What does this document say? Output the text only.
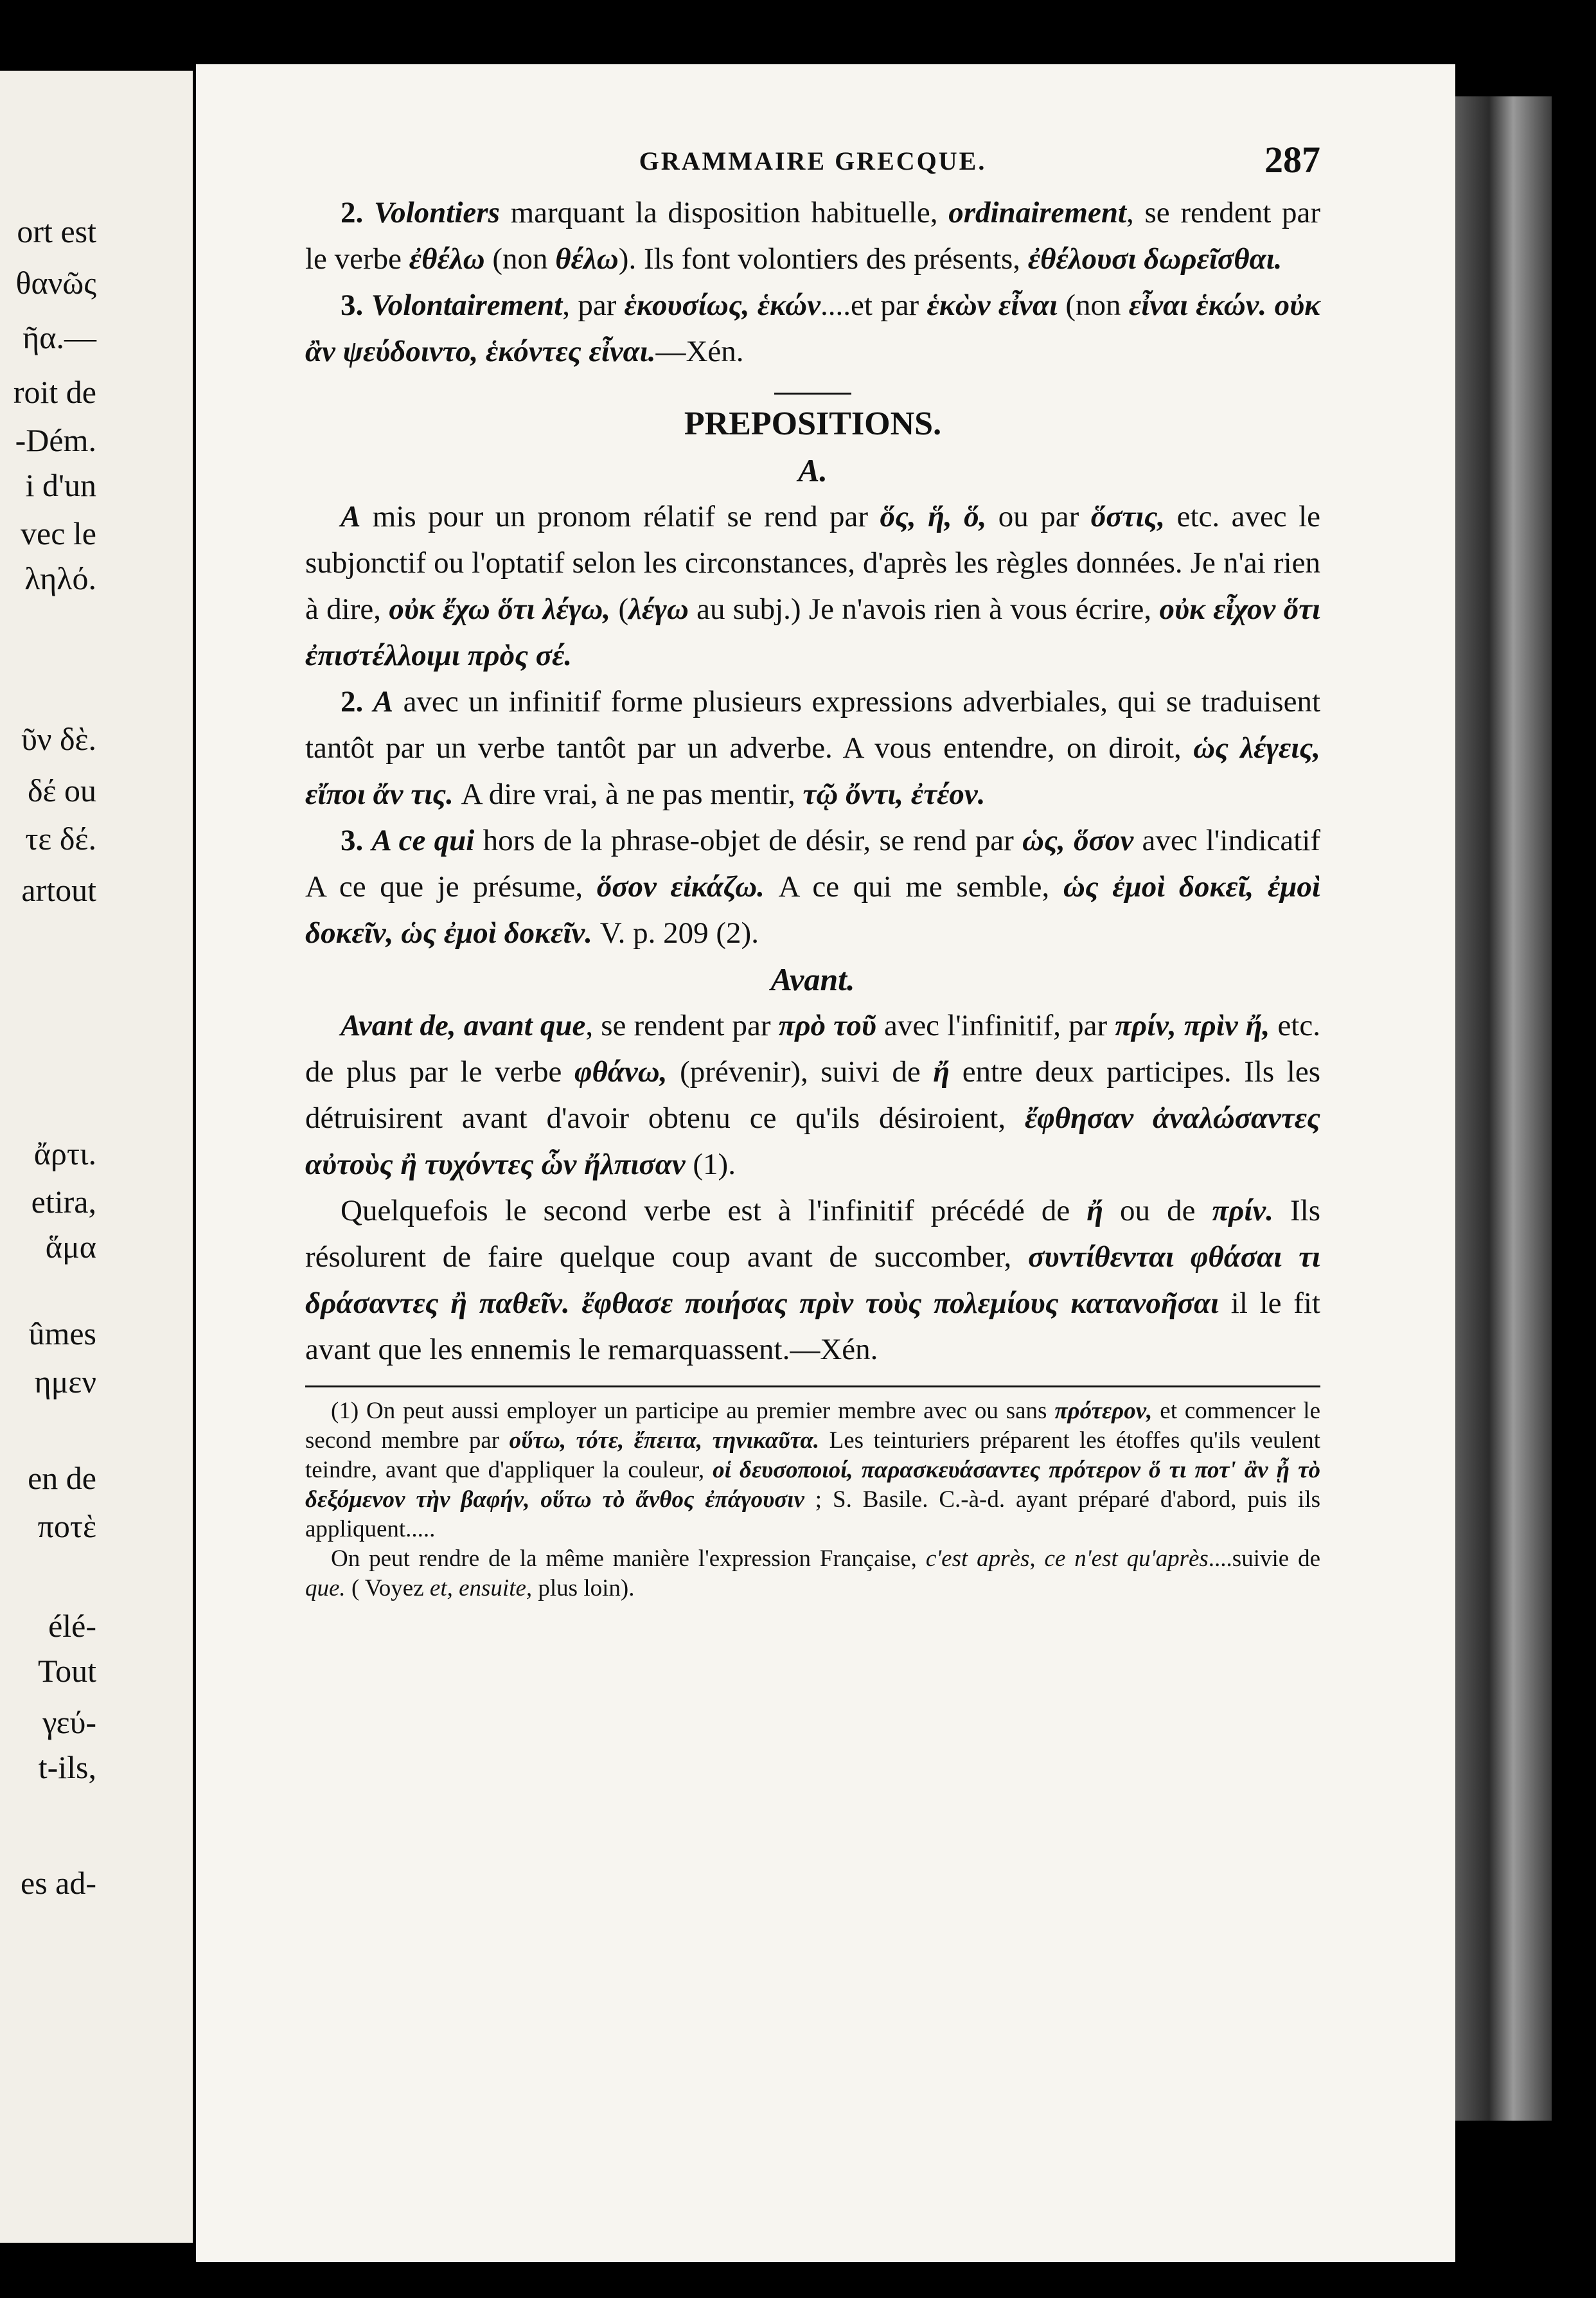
ort est
θανῶς
ῆα.—
roit de
-Dém.
i d'un
vec le
ληλό.
ῦν δὲ.
δέ ou
τε δέ.
artout
ἄρτι.
etira,
ἅμα
ûmes
ημεν
en de
ποτὲ
élé-
Tout
γεύ-
t-ils,
es ad-
GRAMMAIRE GRECQUE.	287

2. Volontiers marquant la disposition habituelle, ordinairement, se rendent par le verbe ἐθέλω (non θέλω). Ils font volontiers des présents, ἐθέλουσι δωρεῖσθαι.

3. Volontairement, par ἑκουσίως, ἑκών....et par ἑκὼν εἶναι (non εἶναι ἑκών. οὐκ ἂν ψεύδοιντο, ἑκόντες εἶναι.—Xén.

PREPOSITIONS.

A.

A mis pour un pronom rélatif se rend par ὅς, ἥ, ὅ, ou par ὅστις, etc. avec le subjonctif ou l'optatif selon les circonstances, d'après les règles données. Je n'ai rien à dire, οὐκ ἔχω ὅτι λέγω, (λέγω au subj.) Je n'avois rien à vous écrire, οὐκ εἶχον ὅτι ἐπιστέλλοιμι πρὸς σέ.

2. A avec un infinitif forme plusieurs expressions adverbiales, qui se traduisent tantôt par un verbe tantôt par un adverbe. A vous entendre, on diroit, ὡς λέγεις, εἴποι ἄν τις. A dire vrai, à ne pas mentir, τῷ ὄντι, ἐτέον.

3. A ce qui hors de la phrase-objet de désir, se rend par ὡς, ὅσον avec l'indicatif A ce que je présume, ὅσον εἰκάζω. A ce qui me semble, ὡς ἐμοὶ δοκεῖ, ἐμοὶ δοκεῖν, ὡς ἐμοὶ δοκεῖν. V. p. 209 (2).

Avant.

Avant de, avant que, se rendent par πρὸ τοῦ avec l'infinitif, par πρίν, πρὶν ἤ, etc. de plus par le verbe φθάνω, (prévenir), suivi de ἤ entre deux participes. Ils les détruisirent avant d'avoir obtenu ce qu'ils désiroient, ἔφθησαν ἀναλώσαντες αὐτοὺς ἢ τυχόντες ὧν ἤλπισαν (1).

Quelquefois le second verbe est à l'infinitif précédé de ἤ ou de πρίν. Ils résolurent de faire quelque coup avant de succomber, συντίθενται φθάσαι τι δράσαντες ἢ παθεῖν. ἔφθασε ποιήσας πρὶν τοὺς πολεμίους κατανοῆσαι il le fit avant que les ennemis le remarquassent.—Xén.

(1) On peut aussi employer un participe au premier membre avec ou sans πρότερον, et commencer le second membre par οὕτω, τότε, ἔπειτα, τηνικαῦτα. Les teinturiers préparent les étoffes qu'ils veulent teindre, avant que d'appliquer la couleur, οἱ δευσοποιοί, παρασκευάσαντες πρότερον ὅ τι ποτ' ἂν ᾖ τὸ δεξόμενον τὴν βαφήν, οὕτω τὸ ἄνθος ἐπάγουσιν ; S. Basile. C.-à-d. ayant préparé d'abord, puis ils appliquent.....

On peut rendre de la même manière l'expression Française, c'est après, ce n'est qu'après....suivie de que. ( Voyez et, ensuite, plus loin).
